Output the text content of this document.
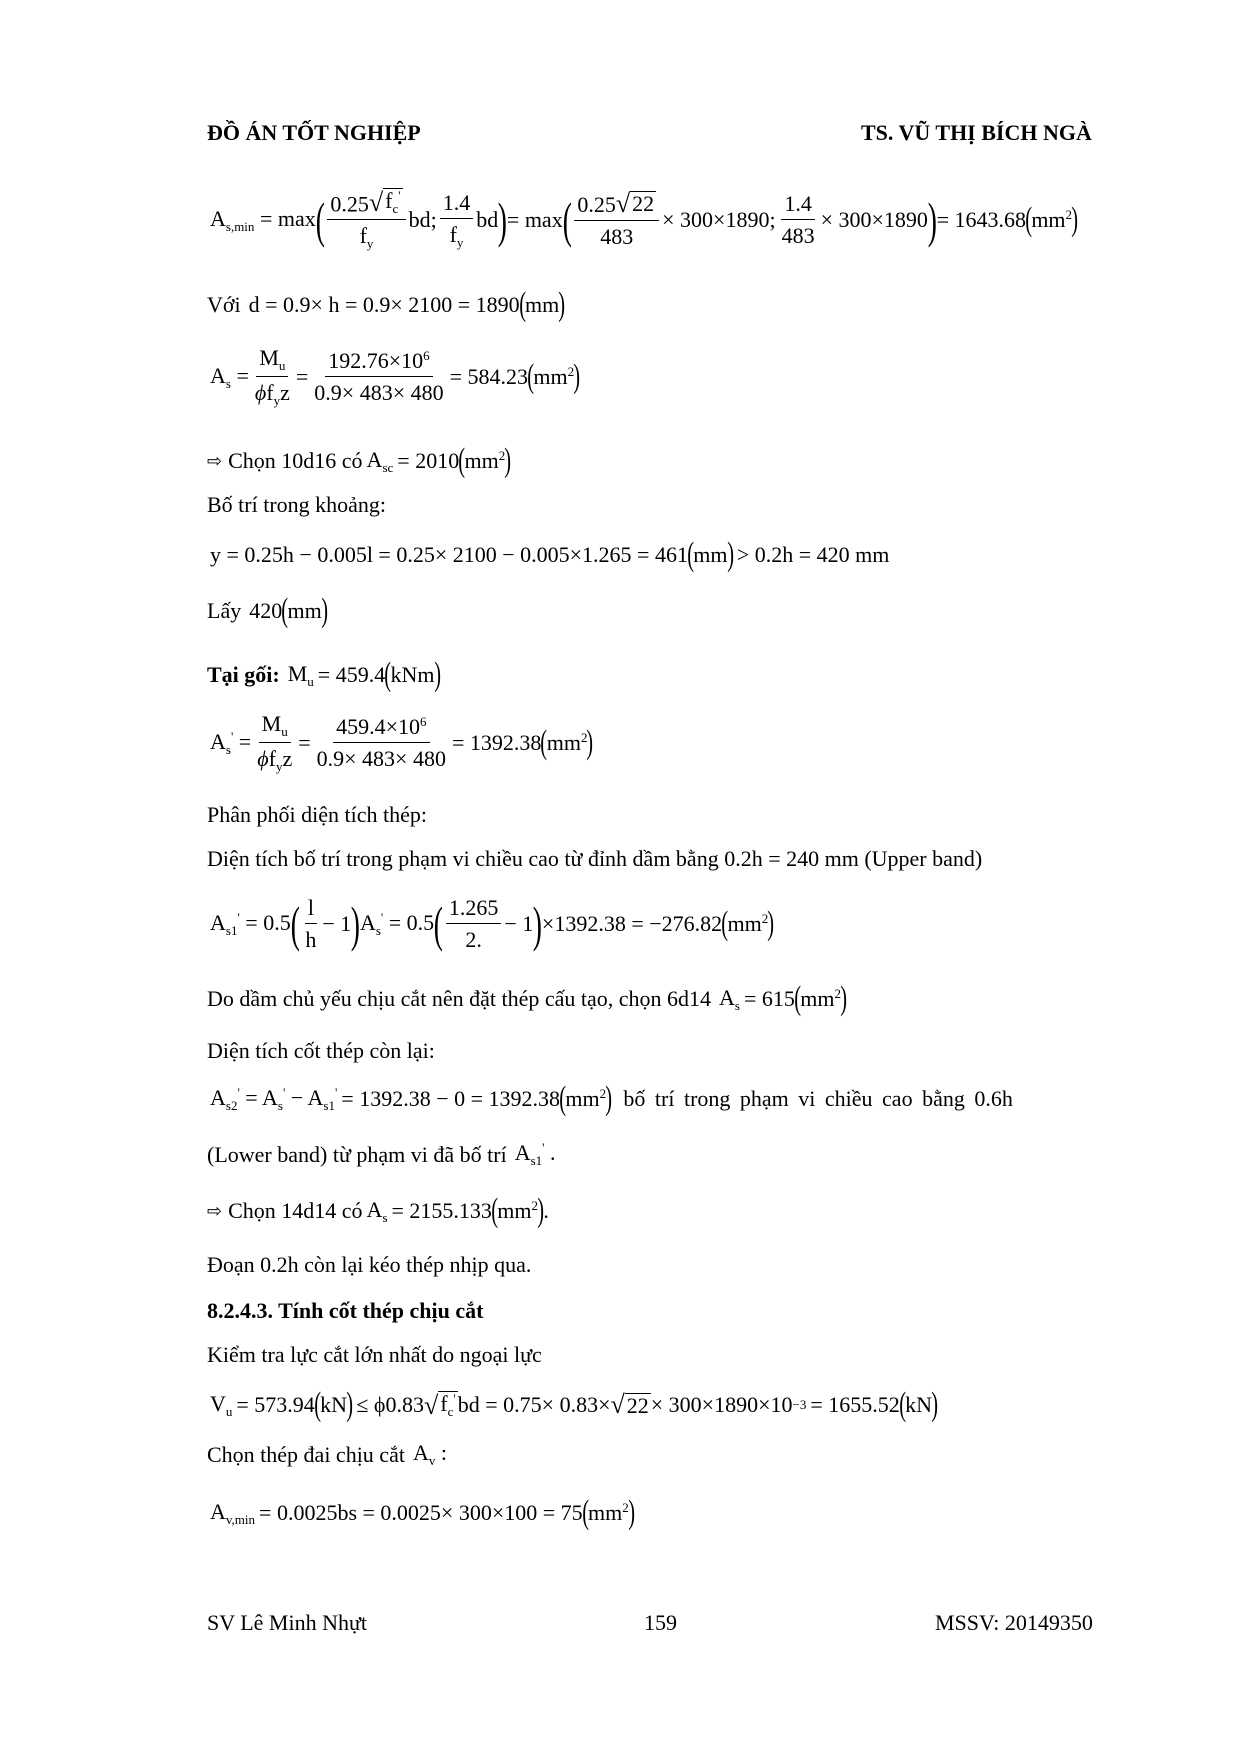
ĐỒ ÁN TỐT NGHIỆP	TS. VŨ THỊ BÍCH NGÀ
$A_{s,min} = \max$ ( $\frac{0.25 √ f_c'}{f_y}$ bd; $\frac{1.4}{f_y}$ bd ) = max ( $\frac{0.25 √ 22}{483} \times 300\times 1890$; $\frac{1.4}{483} \times 300\times 1890$ ) = 1643.68 ( $mm^2$ )
Với d = 0.9× h = 0.9× 2100 = 1890 ( mm )
$A_s = \frac{M_u}{\phi f_yz} = \frac{192.76\times 10^6}{0.9\times 483\times 480} = 584.23$ ( $mm^2$ )
⇨ Chọn 10d16 có $A_{sc} = 2010$ ( $mm^2$ )
Bố trí trong khoảng:
y = 0.25h − 0.005l = 0.25× 2100 − 0.005×1.265 = 461 ( mm ) > 0.2h = 420 mm
Lấy 420 ( mm )
Tại gối: $M_u = 459.4$ ( kNm )
$A_s' = \frac{M_u}{\phi f_yz} = \frac{459.4\times 10^6}{0.9\times 483\times 480} = 1392.38$ ( $mm^2$ )
Phân phối diện tích thép:
Diện tích bố trí trong phạm vi chiều cao từ đỉnh dầm bằng 0.2h = 240 mm (Upper band)
$A_{s1}' = 0.5$ ( $\frac{l}{h} - 1$ ) $A_s' = 0.5$ ( $\frac{1.265}{2.} - 1$ ) ×1392.38 = −276.82 ( $mm^2$ )
Do dầm chủ yếu chịu cắt nên đặt thép cấu tạo, chọn 6d14 $A_s = 615$ ( $mm^2$ )
Diện tích cốt thép còn lại:
$A_{s2}' = A_s' - A_{s1}' = 1392.38 - 0 = 1392.38$ ( $mm^2$ ) bố trí trong phạm vi chiều cao bằng 0.6h
(Lower band) từ phạm vi đã bố trí $A_{s1}'$ .
⇨ Chọn 14d14 có $A_s = 2155.133$ ( $mm^2$ ) .
Đoạn 0.2h còn lại kéo thép nhịp qua.
8.2.4.3. Tính cốt thép chịu cắt
Kiểm tra lực cắt lớn nhất do ngoại lực
$V_u = 573.94$ ( kN ) ≤ ϕ0.83 √ $f_c'$ bd = 0.75× 0.83× √ 22 × 300×1890×10 −3 = 1655.52 ( kN )
Chọn thép đai chịu cắt $A_v$ :
$A_{v,min} = 0.0025bs = 0.0025\times 300\times 100 = 75$ ( $mm^2$ )
SV Lê Minh Nhựt	159	MSSV: 20149350
